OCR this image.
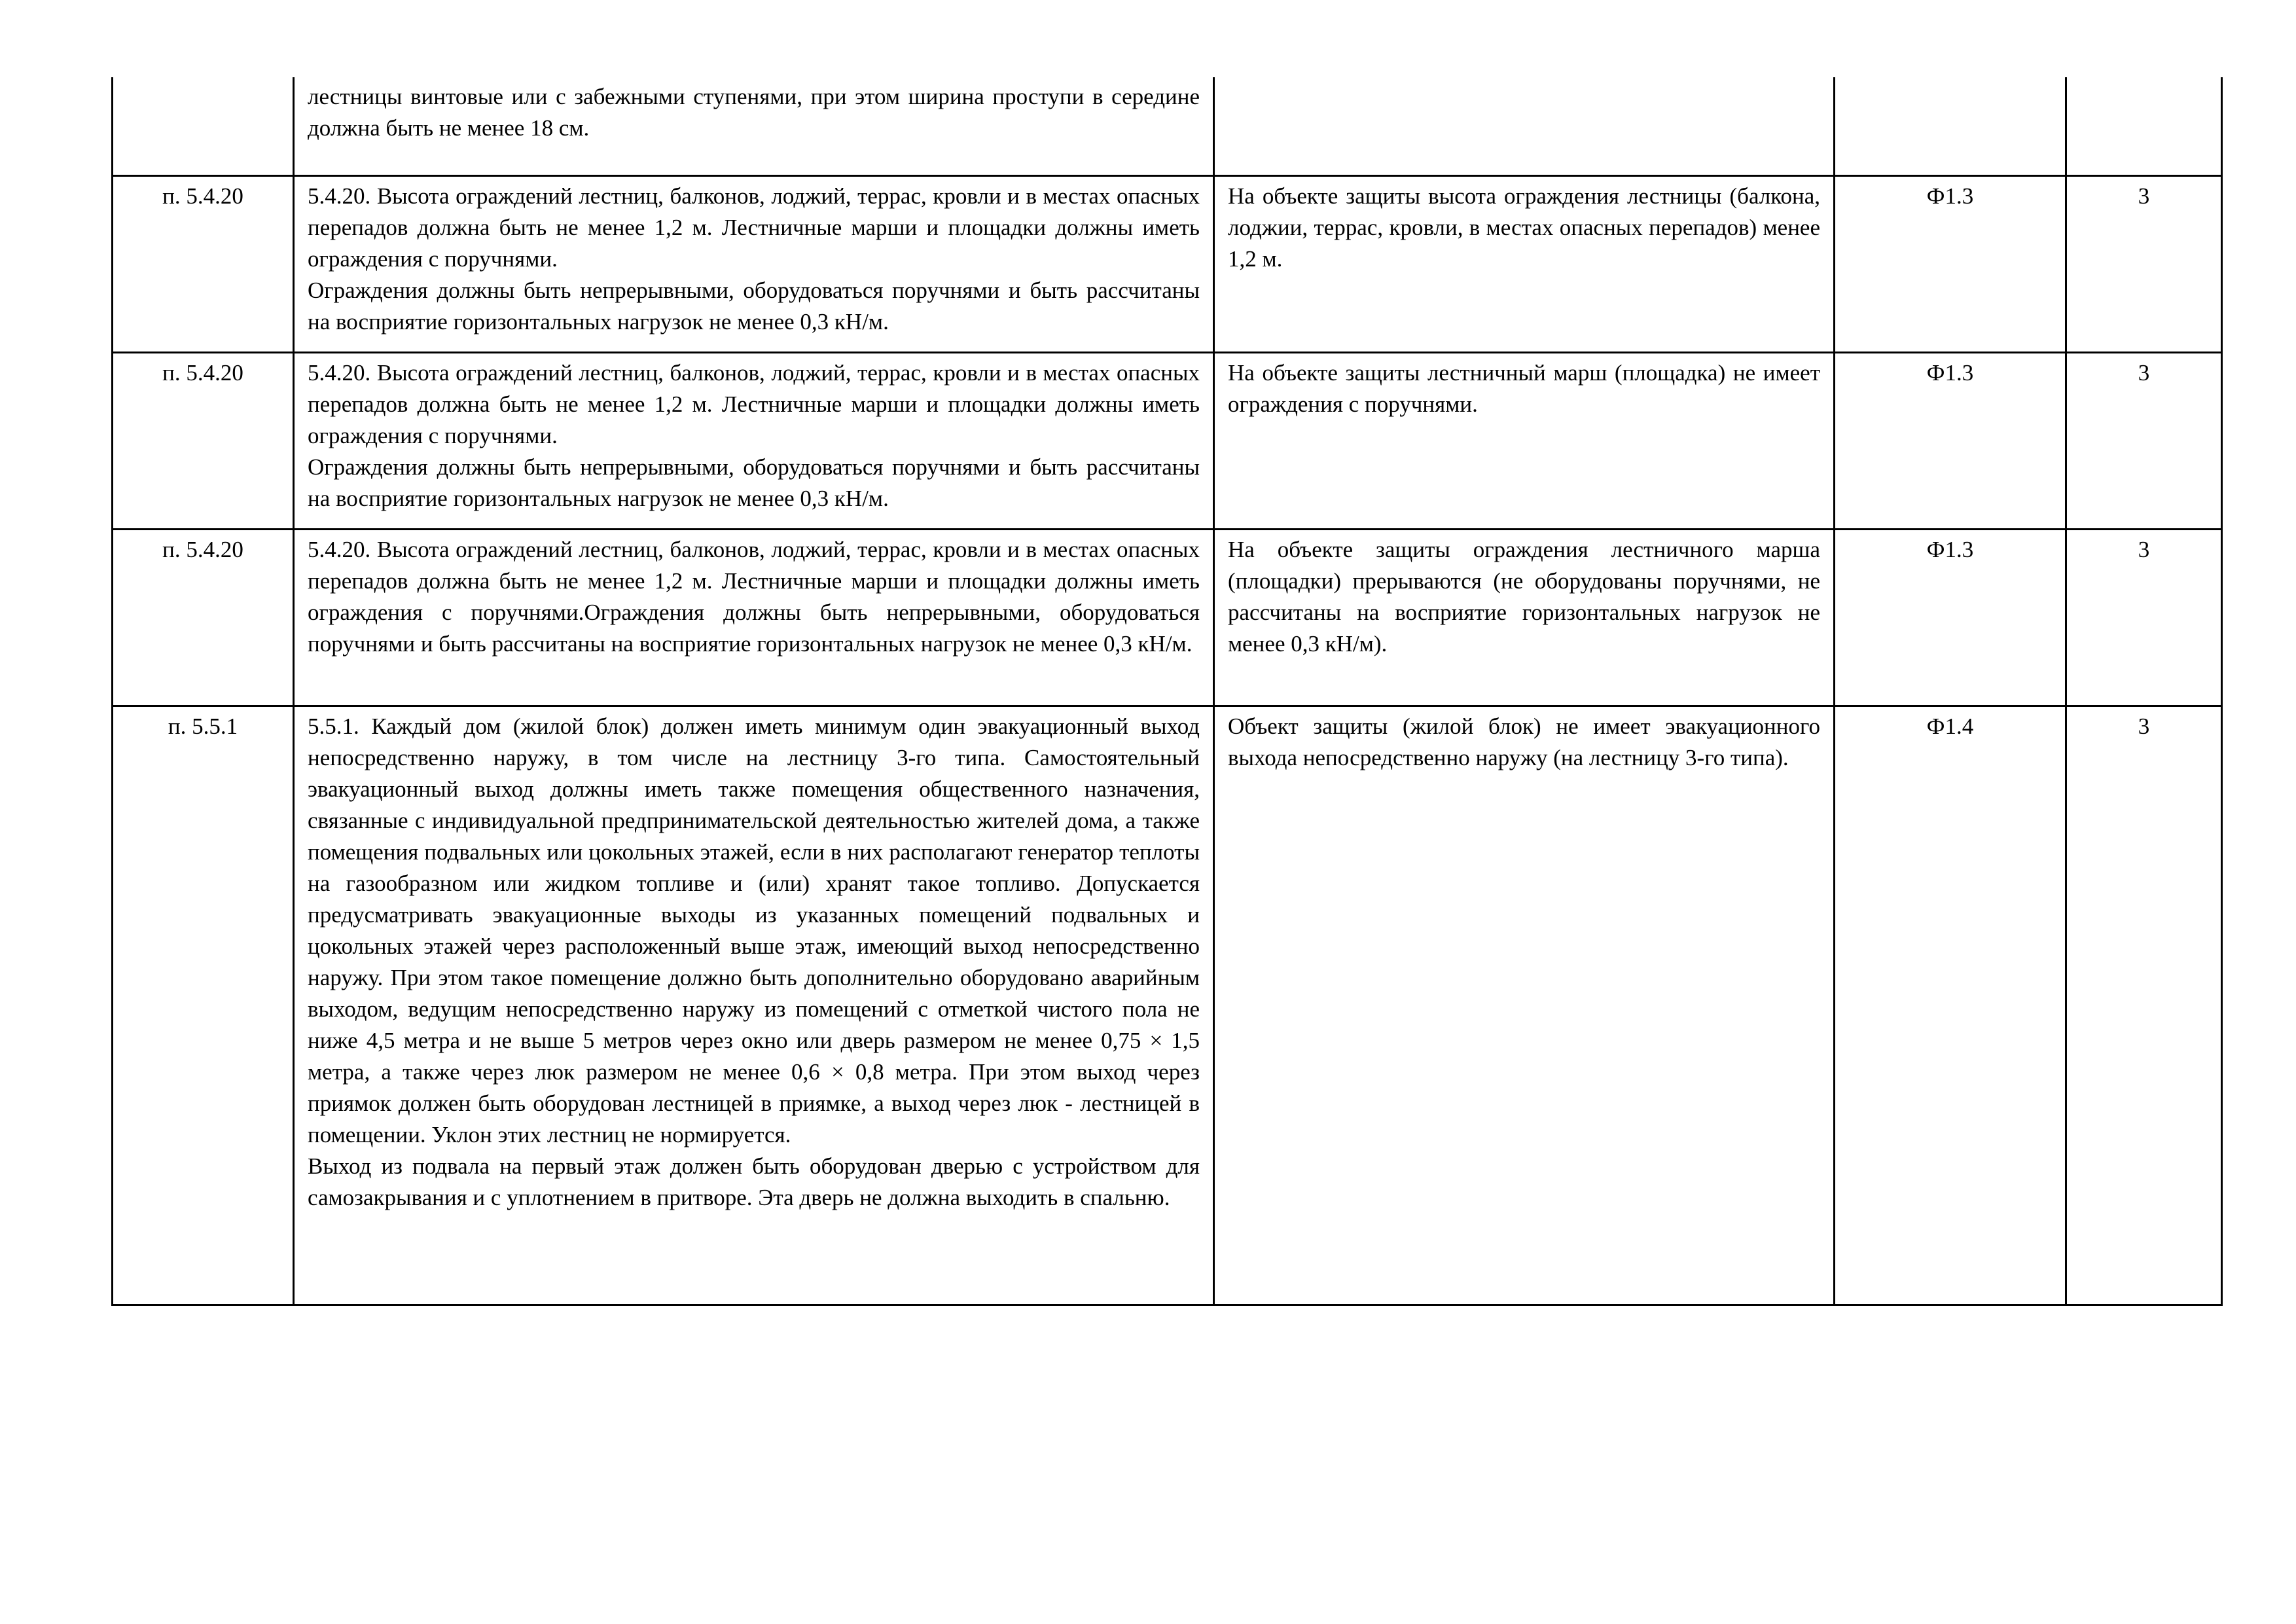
	лестницы винтовые или с забежными ступенями, при этом ширина проступи в середине должна быть не менее 18 см.			

п. 5.4.20	5.4.20. Высота ограждений лестниц, балконов, лоджий, террас, кровли и в местах опасных перепадов должна быть не менее 1,2 м. Лестничные марши и площадки должны иметь ограждения с поручнями.
Ограждения должны быть непрерывными, оборудоваться поручнями и быть рассчитаны на восприятие горизонтальных нагрузок не менее 0,3 кН/м.	На объекте защиты высота ограждения лестницы (балкона, лоджии, террас, кровли, в местах опасных перепадов) менее 1,2 м.	Ф1.3	3
п. 5.4.20	5.4.20. Высота ограждений лестниц, балконов, лоджий, террас, кровли и в местах опасных перепадов должна быть не менее 1,2 м. Лестничные марши и площадки должны иметь ограждения с поручнями.
Ограждения должны быть непрерывными, оборудоваться поручнями и быть рассчитаны на восприятие горизонтальных нагрузок не менее 0,3 кН/м.	На объекте защиты лестничный марш (площадка) не имеет ограждения с поручнями.	Ф1.3	3
п. 5.4.20	5.4.20. Высота ограждений лестниц, балконов, лоджий, террас, кровли и в местах опасных перепадов должна быть не менее 1,2 м. Лестничные марши и площадки должны иметь ограждения с поручнями.Ограждения должны быть непрерывными, оборудоваться поручнями и быть рассчитаны на восприятие горизонтальных нагрузок не менее 0,3 кН/м.	На объекте защиты ограждения лестничного марша (площадки) прерываются (не оборудованы поручнями, не рассчитаны на восприятие горизонтальных нагрузок не менее 0,3 кН/м).	Ф1.3	3
п. 5.5.1	5.5.1. Каждый дом (жилой блок) должен иметь минимум один эвакуационный выход непосредственно наружу, в том числе на лестницу 3-го типа. Самостоятельный эвакуационный выход должны иметь также помещения общественного назначения, связанные с индивидуальной предпринимательской деятельностью жителей дома, а также помещения подвальных или цокольных этажей, если в них располагают генератор теплоты на газообразном или жидком топливе и (или) хранят такое топливо. Допускается предусматривать эвакуационные выходы из указанных помещений подвальных и цокольных этажей через расположенный выше этаж, имеющий выход непосредственно наружу. При этом такое помещение должно быть дополнительно оборудовано аварийным выходом, ведущим непосредственно наружу из помещений с отметкой чистого пола не ниже 4,5 метра и не выше 5 метров через окно или дверь размером не менее 0,75 × 1,5 метра, а также через люк размером не менее 0,6 × 0,8 метра. При этом выход через приямок должен быть оборудован лестницей в приямке, а выход через люк - лестницей в помещении. Уклон этих лестниц не нормируется.
Выход из подвала на первый этаж должен быть оборудован дверью с устройством для самозакрывания и с уплотнением в притворе. Эта дверь не должна выходить в спальню.	Объект защиты (жилой блок) не имеет эвакуационного выхода непосредственно наружу (на лестницу 3-го типа).	Ф1.4	3
